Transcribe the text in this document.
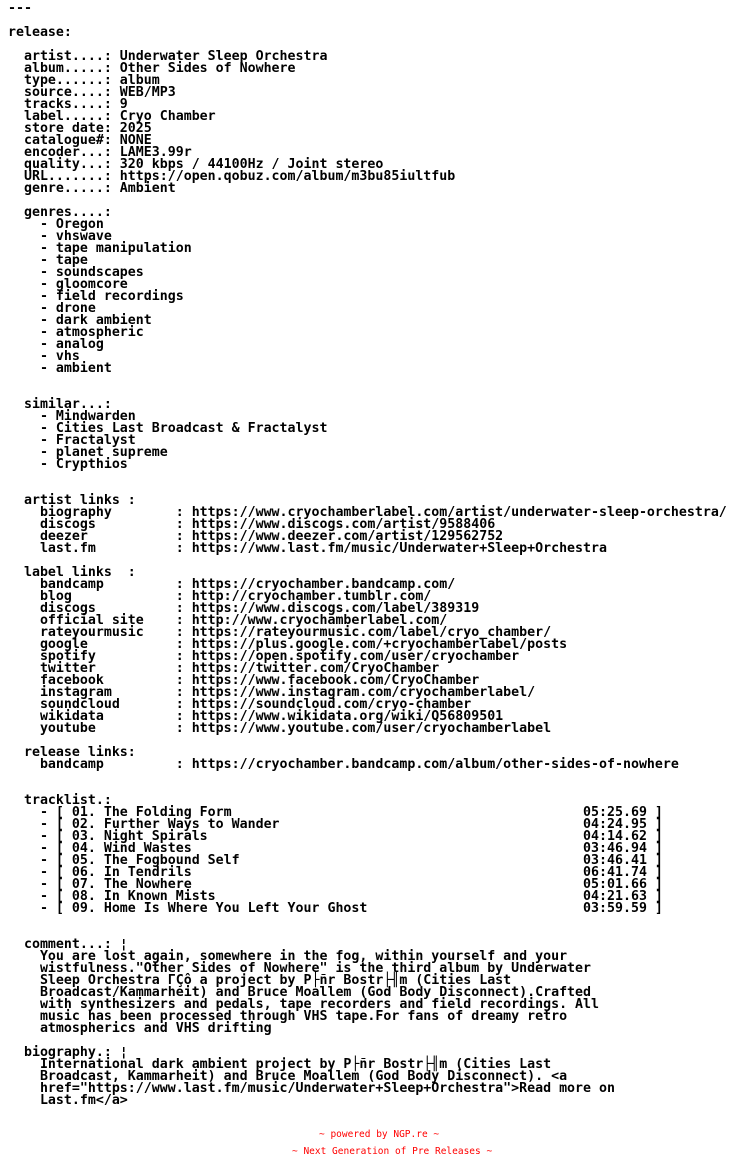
---

release:

artist....: Underwater Sleep Orchestra
album.....: Other Sides of Nowhere
type......: album
source....: WEB/MP3
tracks....: 9
label.....: Cryo Chamber
store date: 2025
catalogue#: NONE
encoder...: LAME3.99r
quality...: 320 kbps / 44100Hz / Joint stereo
URL.......: https://open.qobuz.com/album/m3bu85iultfub
genre.....: Ambient

genres....:
- Oregon
- vhswave
- tape manipulation
- tape
- soundscapes
- gloomcore
- field recordings
- drone
- dark ambient
- atmospheric
- analog
- vhs
- ambient

similar...:
- Mindwarden
- Cities Last Broadcast & Fractalyst
- Fractalyst
- planet supreme
- Crypthios

artist links :
biography        : https://www.cryochamberlabel.com/artist/underwater-sleep-orchestra/
discogs          : https://www.discogs.com/artist/9588406
deezer           : https://www.deezer.com/artist/129562752
last.fm          : https://www.last.fm/music/Underwater+Sleep+Orchestra

label links  :
bandcamp         : https://cryochamber.bandcamp.com/
blog             : http://cryochamber.tumblr.com/
discogs          : https://www.discogs.com/label/389319
official site    : http://www.cryochamberlabel.com/
rateyourmusic    : https://rateyourmusic.com/label/cryo_chamber/
google           : https://plus.google.com/+cryochamberlabel/posts
spotify          : https://open.spotify.com/user/cryochamber
twitter          : https://twitter.com/CryoChamber
facebook         : https://www.facebook.com/CryoChamber
instagram        : https://www.instagram.com/cryochamberlabel/
soundcloud       : https://soundcloud.com/cryo-chamber
wikidata         : https://www.wikidata.org/wiki/Q56809501
youtube          : https://www.youtube.com/user/cryochamberlabel

release links:
bandcamp         : https://cryochamber.bandcamp.com/album/other-sides-of-nowhere

tracklist.:
- [ 01. The Folding Form                                            05:25.69 ]
- [ 02. Further Ways to Wander                                      04:24.95 ]
- [ 03. Night Spirals                                               04:14.62 ]
- [ 04. Wind Wastes                                                 03:46.94 ]
- [ 05. The Fogbound Self                                           03:46.41 ]
- [ 06. In Tendrils                                                 06:41.74 ]
- [ 07. The Nowhere                                                 05:01.66 ]
- [ 08. In Known Mists                                              04:21.63 ]
- [ 09. Home Is Where You Left Your Ghost                           03:59.59 ]

comment...: ¦
You are lost again, somewhere in the fog, within yourself and your
wistfulness."Other Sides of Nowhere" is the third album by Underwater
Sleep Orchestra ΓÇô a project by P├ñr Bostr├╢m (Cities Last
Broadcast/Kammarheit) and Bruce Moallem (God Body Disconnect).Crafted
with synthesizers and pedals, tape recorders and field recordings. All
music has been processed through VHS tape.For fans of dreamy retro
atmospherics and VHS drifting

biography.: ¦
International dark ambient project by P├ñr Bostr├╢m (Cities Last
Broadcast, Kammarheit) and Bruce Moallem (God Body Disconnect). <a
href="https://www.last.fm/music/Underwater+Sleep+Orchestra">Read more on
Last.fm</a>
~ powered by NGP.re ~
~ Next Generation of Pre Releases ~
